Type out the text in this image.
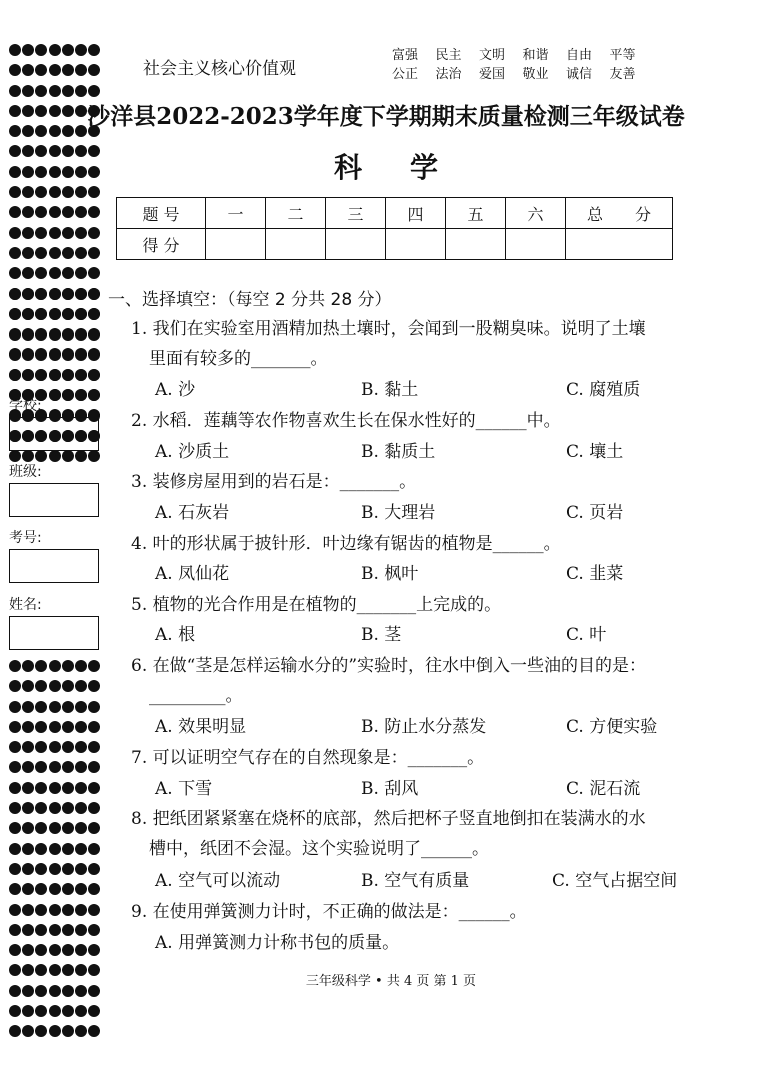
学校:
班级:
考号:
姓名:
社会主义核心价值观
富强	民主	文明	和谐	自由	平等
公正	法治	爱国	敬业	诚信	友善
沙洋县2022-2023学年度下学期期末质量检测三年级试卷
科学
题 号	一	二	三	四	五	六	总　　分
得 分							
一、选择填空：（每空 2 分共 28 分）
1. 我们在实验室用酒精加热土壤时，会闻到一股糊臭味。说明了土壤
里面有较多的_______。
A. 沙	B. 黏土	C. 腐殖质
2. 水稻．莲藕等农作物喜欢生长在保水性好的______中。
A. 沙质土	B. 黏质土	C. 壤土
3. 装修房屋用到的岩石是：_______。
A. 石灰岩	B. 大理岩	C. 页岩
4. 叶的形状属于披针形．叶边缘有锯齿的植物是______。
A. 凤仙花	B. 枫叶	C. 韭菜
5. 植物的光合作用是在植物的_______上完成的。
A. 根	B. 茎	C. 叶
6. 在做“茎是怎样运输水分的”实验时，往水中倒入一些油的目的是：
_________。
A. 效果明显	B. 防止水分蒸发	C. 方便实验
7. 可以证明空气存在的自然现象是：_______。
A. 下雪	B. 刮风	C. 泥石流
8. 把纸团紧紧塞在烧杯的底部，然后把杯子竖直地倒扣在装满水的水
槽中，纸团不会湿。这个实验说明了______。
A. 空气可以流动	B. 空气有质量	C. 空气占据空间
9. 在使用弹簧测力计时，不正确的做法是：______。
A. 用弹簧测力计称书包的质量。
三年级科学 • 共 4 页 第 1 页
